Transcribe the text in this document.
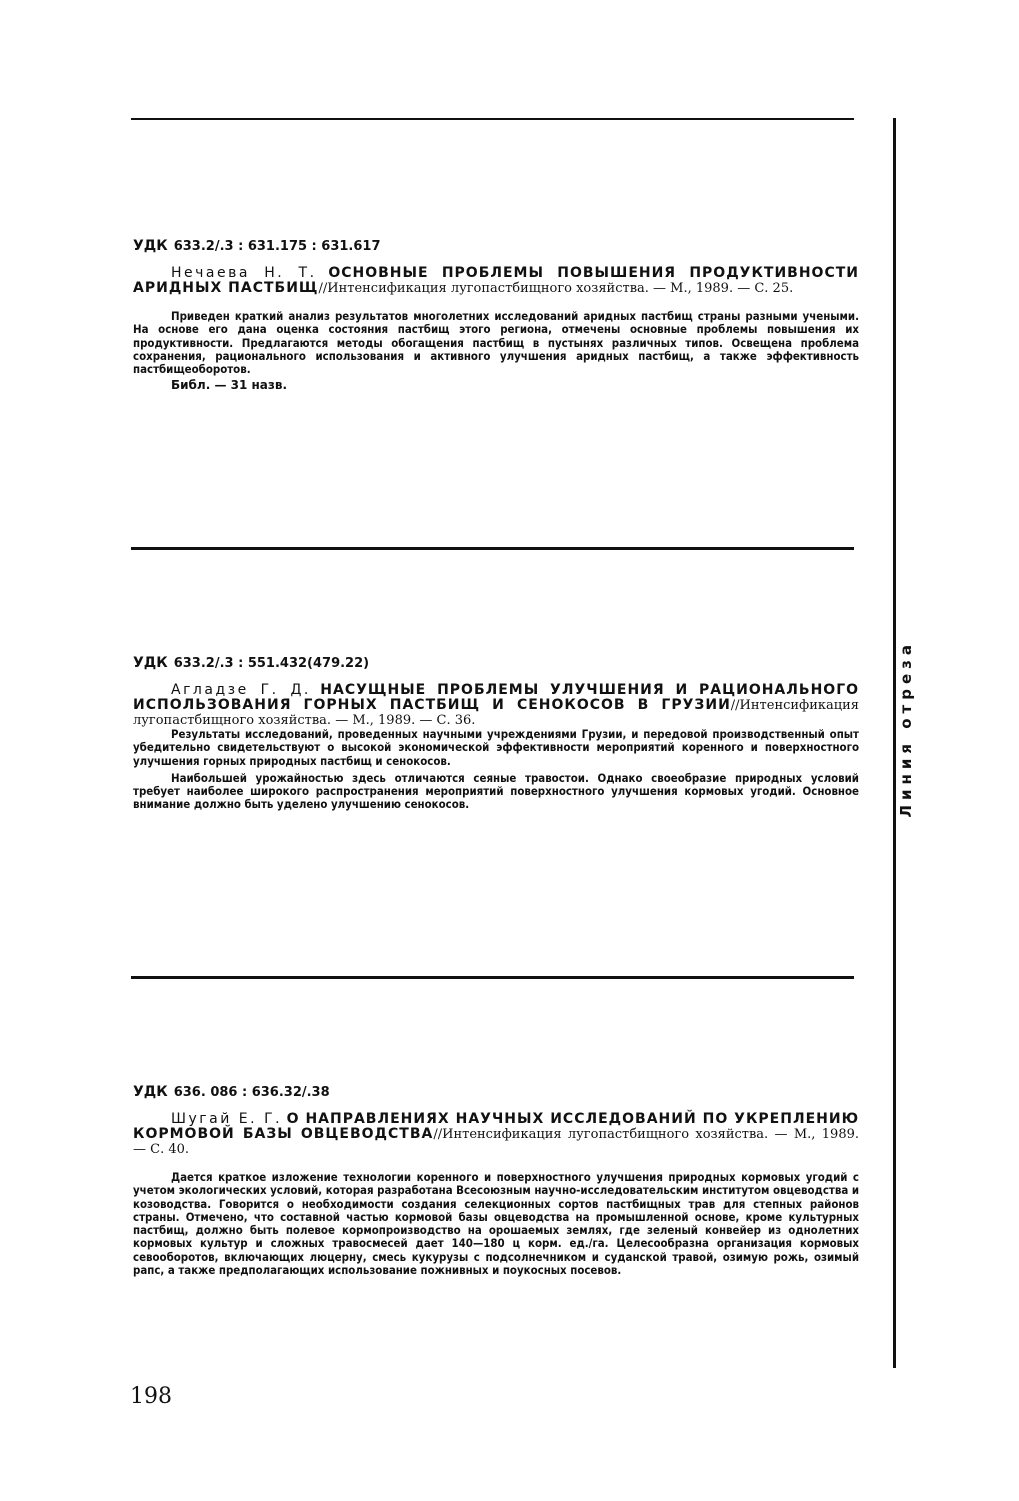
Линия отреза
УДК 633.2/.3 : 631.175 : 631.617

Нечаева Н. Т. ОСНОВНЫЕ ПРОБЛЕМЫ ПОВЫШЕНИЯ ПРОДУКТИВНОСТИ АРИДНЫХ ПАСТБИЩ//Интенсификация лугопастбищного хозяйства. — М., 1989. — С. 25.

Приведен краткий анализ результатов многолетних исследований аридных пастбищ страны разными учеными. На основе его дана оценка состояния пастбищ этого региона, отмечены основные проблемы повышения их продуктивности. Предлагаются методы обогащения пастбищ в пустынях различных типов. Освещена проблема сохранения, рационального использования и активного улучшения аридных пастбищ, а также эффективность пастбищеоборотов.

Библ. — 31 назв.
УДК 633.2/.3 : 551.432(479.22)

Агладзе Г. Д. НАСУЩНЫЕ ПРОБЛЕМЫ УЛУЧШЕНИЯ И РАЦИОНАЛЬНОГО ИСПОЛЬЗОВАНИЯ ГОРНЫХ ПАСТБИЩ И СЕНОКОСОВ В ГРУЗИИ//Интенсификация лугопастбищного хозяйства. — М., 1989. — С. 36.

Результаты исследований, проведенных научными учреждениями Грузии, и передовой производственный опыт убедительно свидетельствуют о высокой экономической эффективности мероприятий коренного и поверхностного улучшения горных природных пастбищ и сенокосов.

Наибольшей урожайностью здесь отличаются сеяные травостои. Однако своеобразие природных условий требует наиболее широкого распространения мероприятий поверхностного улучшения кормовых угодий. Основное внимание должно быть уделено улучшению сенокосов.

УДК 636. 086 : 636.32/.38

Шугай Е. Г. О НАПРАВЛЕНИЯХ НАУЧНЫХ ИССЛЕДОВАНИЙ ПО УКРЕПЛЕНИЮ КОРМОВОЙ БАЗЫ ОВЦЕВОДСТВА//Интенсификация лугопастбищного хозяйства. — М., 1989. — С. 40.

Дается краткое изложение технологии коренного и поверхностного улучшения природных кормовых угодий с учетом экологических условий, которая разработана Всесоюзным научно-исследовательским институтом овцеводства и козоводства. Говорится о необходимости создания селекционных сортов пастбищных трав для степных районов страны. Отмечено, что составной частью кормовой базы овцеводства на промышленной основе, кроме культурных пастбищ, должно быть полевое кормопроизводство на орошаемых землях, где зеленый конвейер из однолетних кормовых культур и сложных травосмесей дает 140—180 ц корм. ед./га. Целесообразна организация кормовых севооборотов, включающих люцерну, смесь кукурузы с подсолнечником и суданской травой, озимую рожь, озимый рапс, а также предполагающих использование пожнивных и поукосных посевов.

198
